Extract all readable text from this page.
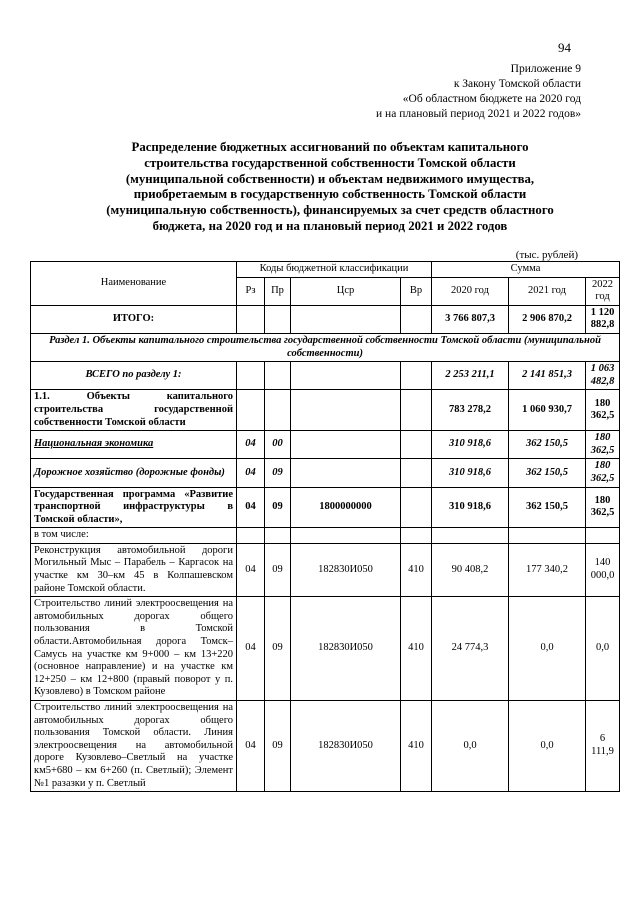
94
Приложение 9
к Закону Томской области
«Об областном бюджете на 2020 год
и на плановый период 2021 и 2022 годов»
Распределение бюджетных ассигнований по объектам капитального
строительства государственной собственности Томской области
(муниципальной собственности) и объектам недвижимого имущества,
приобретаемым в государственную собственность Томской области
(муниципальную собственность), финансируемых за счет средств областного
бюджета, на 2020 год и на плановый период 2021 и 2022 годов
(тыс. рублей)
Наименование	Коды бюджетной классификации				Сумма		
	Рз	Пр	Цср	Вр	2020 год	2021 год	2022 год
ИТОГО:					3 766 807,3	2 906 870,2	1 120 882,8
Раздел 1. Объекты капитального строительства государственной собственности Томской области (муниципальной собственности)							
ВСЕГО по разделу 1:					2 253 211,1	2 141 851,3	1 063 482,8
1.1. Объекты капитального строительства государственной собственности Томской области					783 278,2	1 060 930,7	180 362,5
Национальная экономика	04	00			310 918,6	362 150,5	180 362,5
Дорожное хозяйство (дорожные фонды)	04	09			310 918,6	362 150,5	180 362,5
Государственная программа «Развитие транспортной инфраструктуры в Томской области»,	04	09	1800000000		310 918,6	362 150,5	180 362,5
в том числе:							
Реконструкция автомобильной дороги Могильный Мыс – Парабель – Каргасок на участке км 30–км 45 в Колпашевском районе Томской области.	04	09	182830И050	410	90 408,2	177 340,2	140 000,0
Строительство линий электроосвещения на автомобильных дорогах общего пользования в Томской области.Автомобильная дорога Томск–Самусь на участке км 9+000 – км 13+220 (основное направление) и на участке км 12+250 – км 12+800 (правый поворот у п. Кузовлево) в Томском районе	04	09	182830И050	410	24 774,3	0,0	0,0
Строительство линий электроосвещения на автомобильных дорогах общего пользования Томской области. Линия электроосвещения на автомобильной дороге Кузовлево–Светлый на участке км5+680 – км 6+260 (п. Светлый); Элемент №1 разазки у п. Светлый	04	09	182830И050	410	0,0	0,0	6 111,9
